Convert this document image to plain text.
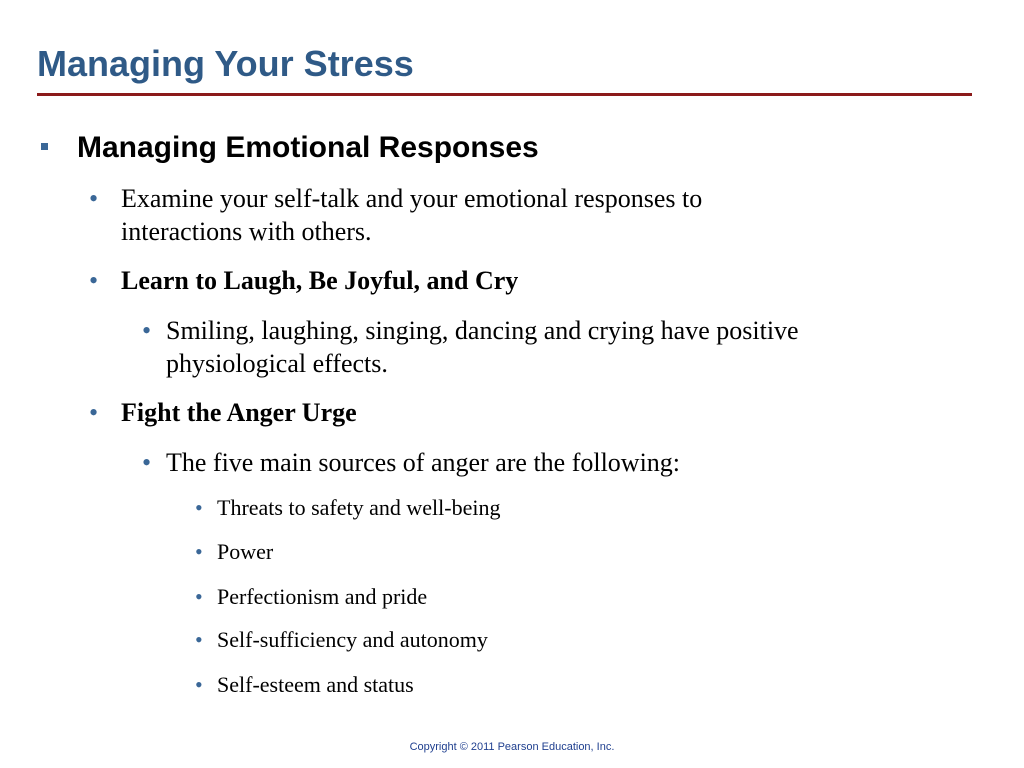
Managing Your Stress
Managing Emotional Responses
• Examine your self-talk and your emotional responses to
interactions with others.
• Learn to Laugh, Be Joyful, and Cry
• Smiling, laughing, singing, dancing and crying have positive
physiological effects.
• Fight the Anger Urge
• The five main sources of anger are the following:
• Threats to safety and well-being
• Power
• Perfectionism and pride
• Self-sufficiency and autonomy
• Self-esteem and status
Copyright © 2011 Pearson Education, Inc.
